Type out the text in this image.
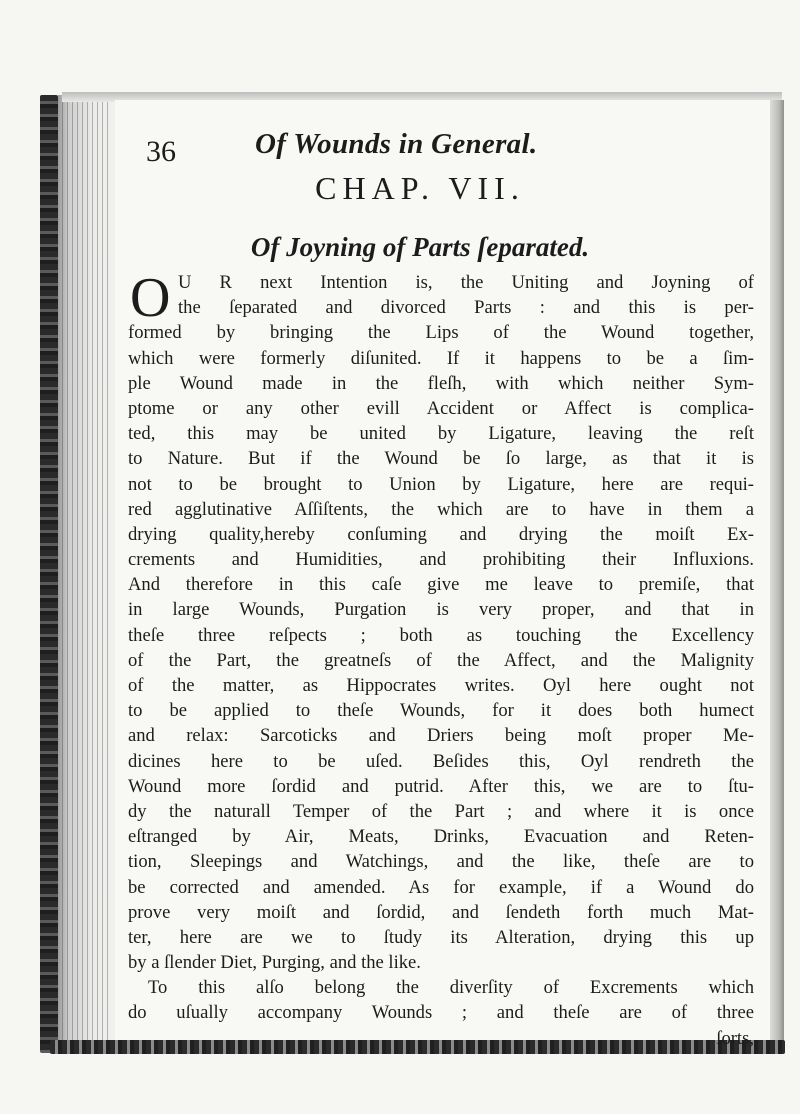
36	Of Wounds in General.
CHAP. VII.
Of Joyning of Parts ſeparated.
O U R next Intention is, the Uniting and Joyning of
the ſeparated and divorced Parts : and this is per-
formed by bringing the Lips of the Wound together,
which were formerly diſunited. If it happens to be a ſim-
ple Wound made in the fleſh, with which neither Sym-
ptome or any other evill Accident or Affect is complica-
ted, this may be united by Ligature, leaving the reſt
to Nature. But if the Wound be ſo large, as that it is
not to be brought to Union by Ligature, here are requi-
red agglutinative Aſſiſtents, the which are to have in them a
drying quality,hereby conſuming and drying the moiſt Ex-
crements and Humidities, and prohibiting their Influxions.
And therefore in this caſe give me leave to premiſe, that
in large Wounds, Purgation is very proper, and that in
theſe three reſpects ; both as touching the Excellency
of the Part, the greatneſs of the Affect, and the Malignity
of the matter, as Hippocrates writes. Oyl here ought not
to be applied to theſe Wounds, for it does both humect
and relax: Sarcoticks and Driers being moſt proper Me-
dicines here to be uſed. Beſides this, Oyl rendreth the
Wound more ſordid and putrid. After this, we are to ſtu-
dy the naturall Temper of the Part ; and where it is once
eſtranged by Air, Meats, Drinks, Evacuation and Reten-
tion, Sleepings and Watchings, and the like, theſe are to
be corrected and amended. As for example, if a Wound do
prove very moiſt and ſordid, and ſendeth forth much Mat-
ter, here are we to ſtudy its Alteration, drying this up
by a ſlender Diet, Purging, and the like.
To this alſo belong the diverſity of Excrements which
do uſually accompany Wounds ; and theſe are of three
ſorts,
